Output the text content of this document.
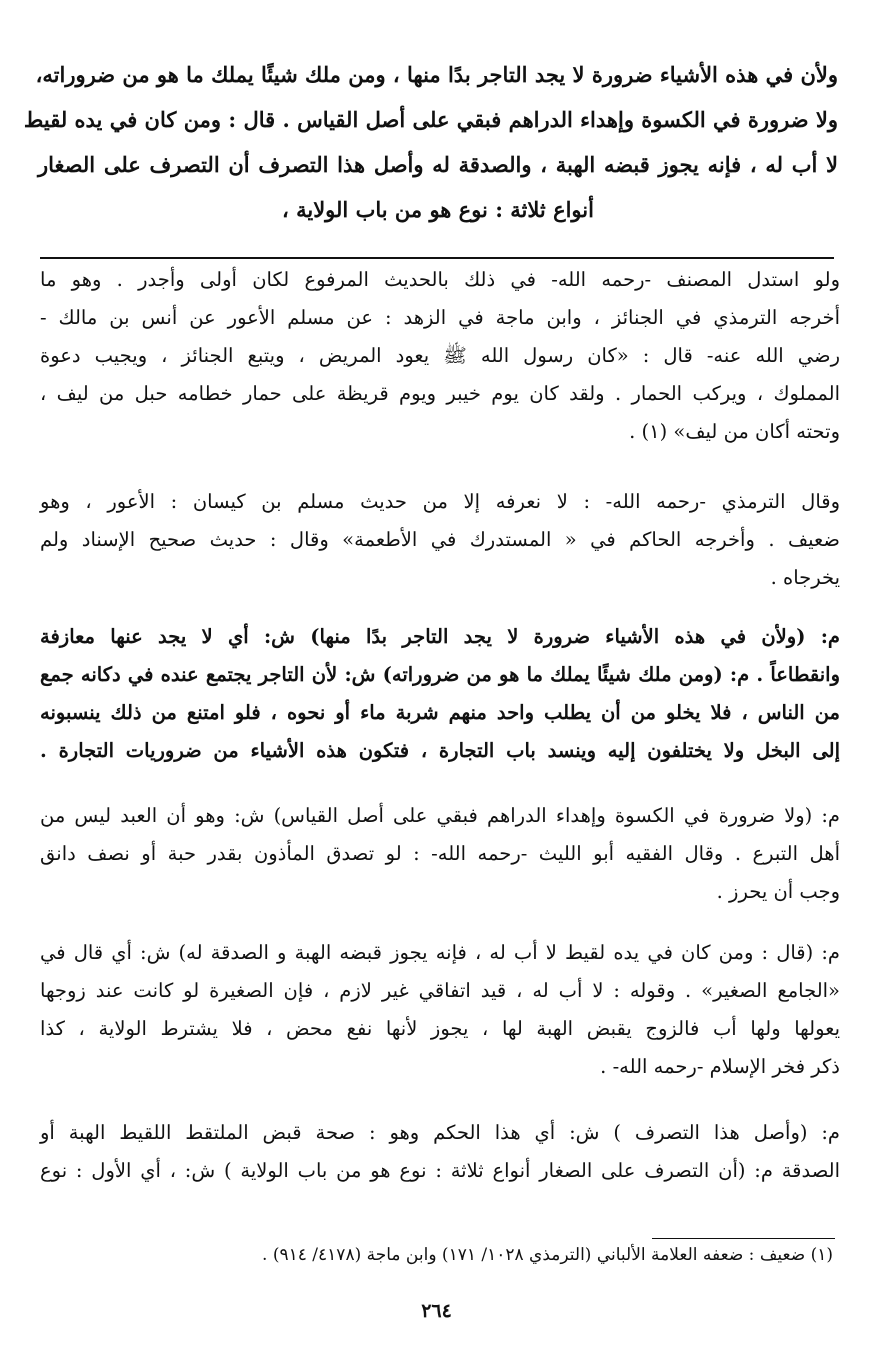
ولأن في هذه الأشياء ضرورة لا يجد التاجر بدًا منها ، ومن ملك شيئًا يملك ما هو من ضروراته،
ولا ضرورة في الكسوة وإهداء الدراهم فبقي على أصل القياس . قال : ومن كان في يده لقيط
لا أب له ، فإنه يجوز قبضه الهبة ، والصدقة له وأصل هذا التصرف أن التصرف على الصغار
أنواع ثلاثة : نوع هو من باب الولاية ،
ولو استدل المصنف -رحمه الله- في ذلك بالحديث المرفوع لكان أولى وأجدر . وهو ما
أخرجه الترمذي في الجنائز ، وابن ماجة في الزهد : عن مسلم الأعور عن أنس بن مالك -
رضي الله عنه- قال : «كان رسول الله ﷺ يعود المريض ، ويتبع الجنائز ، ويجيب دعوة
المملوك ، ويركب الحمار . ولقد كان يوم خيبر ويوم قريظة على حمار خطامه حبل من ليف ،
وتحته أكان من ليف» (١) .
وقال الترمذي -رحمه الله- : لا نعرفه إلا من حديث مسلم بن كيسان : الأعور ، وهو
ضعيف . وأخرجه الحاكم في « المستدرك في الأطعمة» وقال : حديث صحيح الإسناد ولم
يخرجاه .
م: (ولأن في هذه الأشياء ضرورة لا يجد التاجر بدًا منها) ش: أي لا يجد عنها معازفة
وانقطاعاً . م: (ومن ملك شيئًا يملك ما هو من ضروراته) ش: لأن التاجر يجتمع عنده في دكانه جمع
من الناس ، فلا يخلو من أن يطلب واحد منهم شربة ماء أو نحوه ، فلو امتنع من ذلك ينسبونه
إلى البخل ولا يختلفون إليه وينسد باب التجارة ، فتكون هذه الأشياء من ضروريات التجارة .
م: (ولا ضرورة في الكسوة وإهداء الدراهم فبقي على أصل القياس) ش: وهو أن العبد ليس من
أهل التبرع . وقال الفقيه أبو الليث -رحمه الله- : لو تصدق المأذون بقدر حبة أو نصف دانق
وجب أن يحرز .
م: (قال : ومن كان في يده لقيط لا أب له ، فإنه يجوز قبضه الهبة و الصدقة له) ش: أي قال في
«الجامع الصغير» . وقوله : لا أب له ، قيد اتفاقي غير لازم ، فإن الصغيرة لو كانت عند زوجها
يعولها ولها أب فالزوج يقبض الهبة لها ، يجوز لأنها نفع محض ، فلا يشترط الولاية ، كذا
ذكر فخر الإسلام -رحمه الله- .
م: (وأصل هذا التصرف ) ش: أي هذا الحكم وهو : صحة قبض الملتقط اللقيط الهبة أو
الصدقة م: (أن التصرف على الصغار أنواع ثلاثة : نوع هو من باب الولاية ) ش: ، أي الأول : نوع
(١) ضعيف : ضعفه العلامة الألباني (الترمذي ١٠٢٨/ ١٧١) وابن ماجة (٤١٧٨/ ٩١٤) .
٢٦٤
